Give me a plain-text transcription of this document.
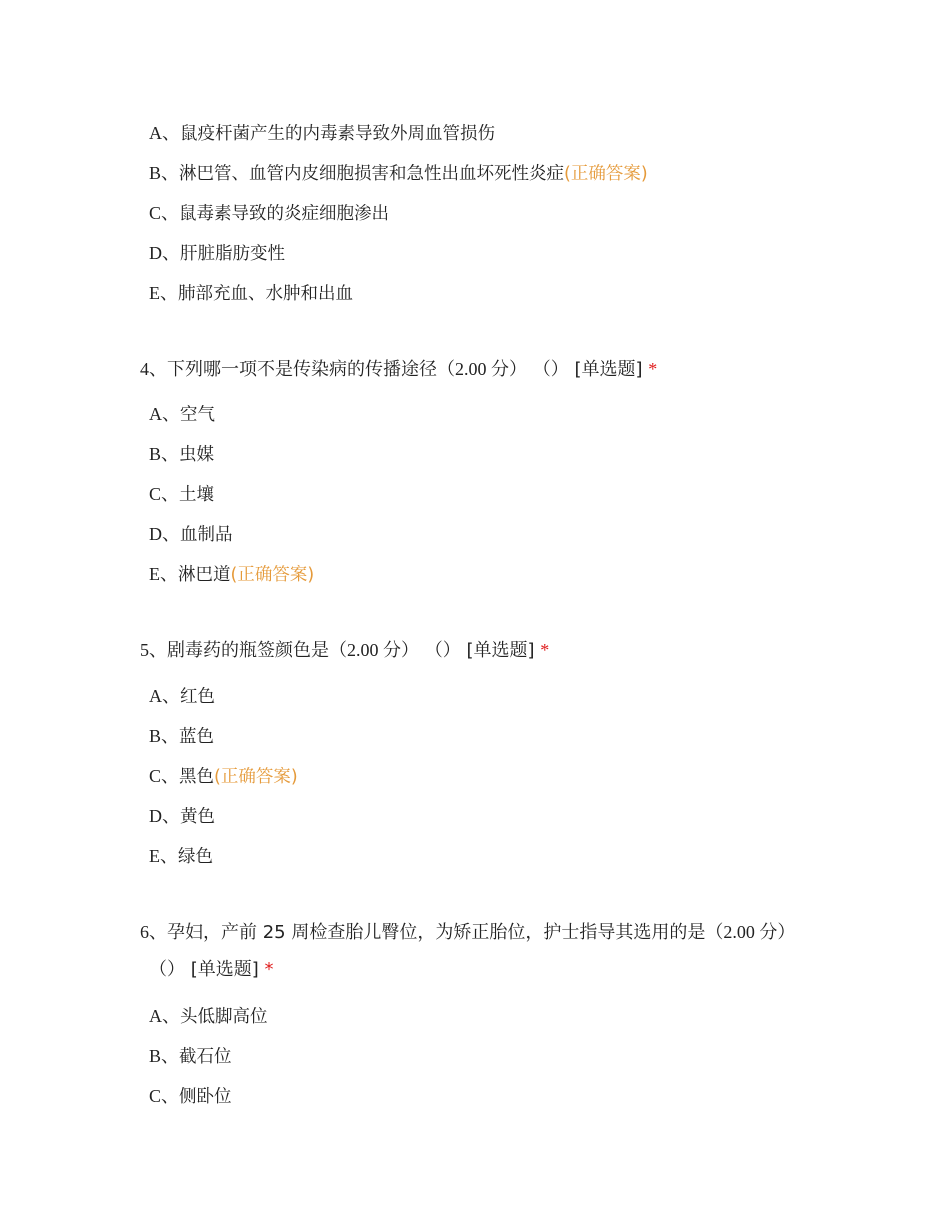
A、鼠疫杆菌产生的内毒素导致外周血管损伤
B、淋巴管、血管内皮细胞损害和急性出血坏死性炎症(正确答案)
C、鼠毒素导致的炎症细胞渗出
D、肝脏脂肪变性
E、肺部充血、水肿和出血
4、下列哪一项不是传染病的传播途径（2.00 分） （） [单选题] *
A、空气
B、虫媒
C、土壤
D、血制品
E、淋巴道(正确答案)
5、剧毒药的瓶签颜色是（2.00 分） （） [单选题] *
A、红色
B、蓝色
C、黑色(正确答案)
D、黄色
E、绿色
6、孕妇，产前 25 周检查胎儿臀位，为矫正胎位，护士指导其选用的是（2.00 分）
（） [单选题] *
A、头低脚高位
B、截石位
C、侧卧位
